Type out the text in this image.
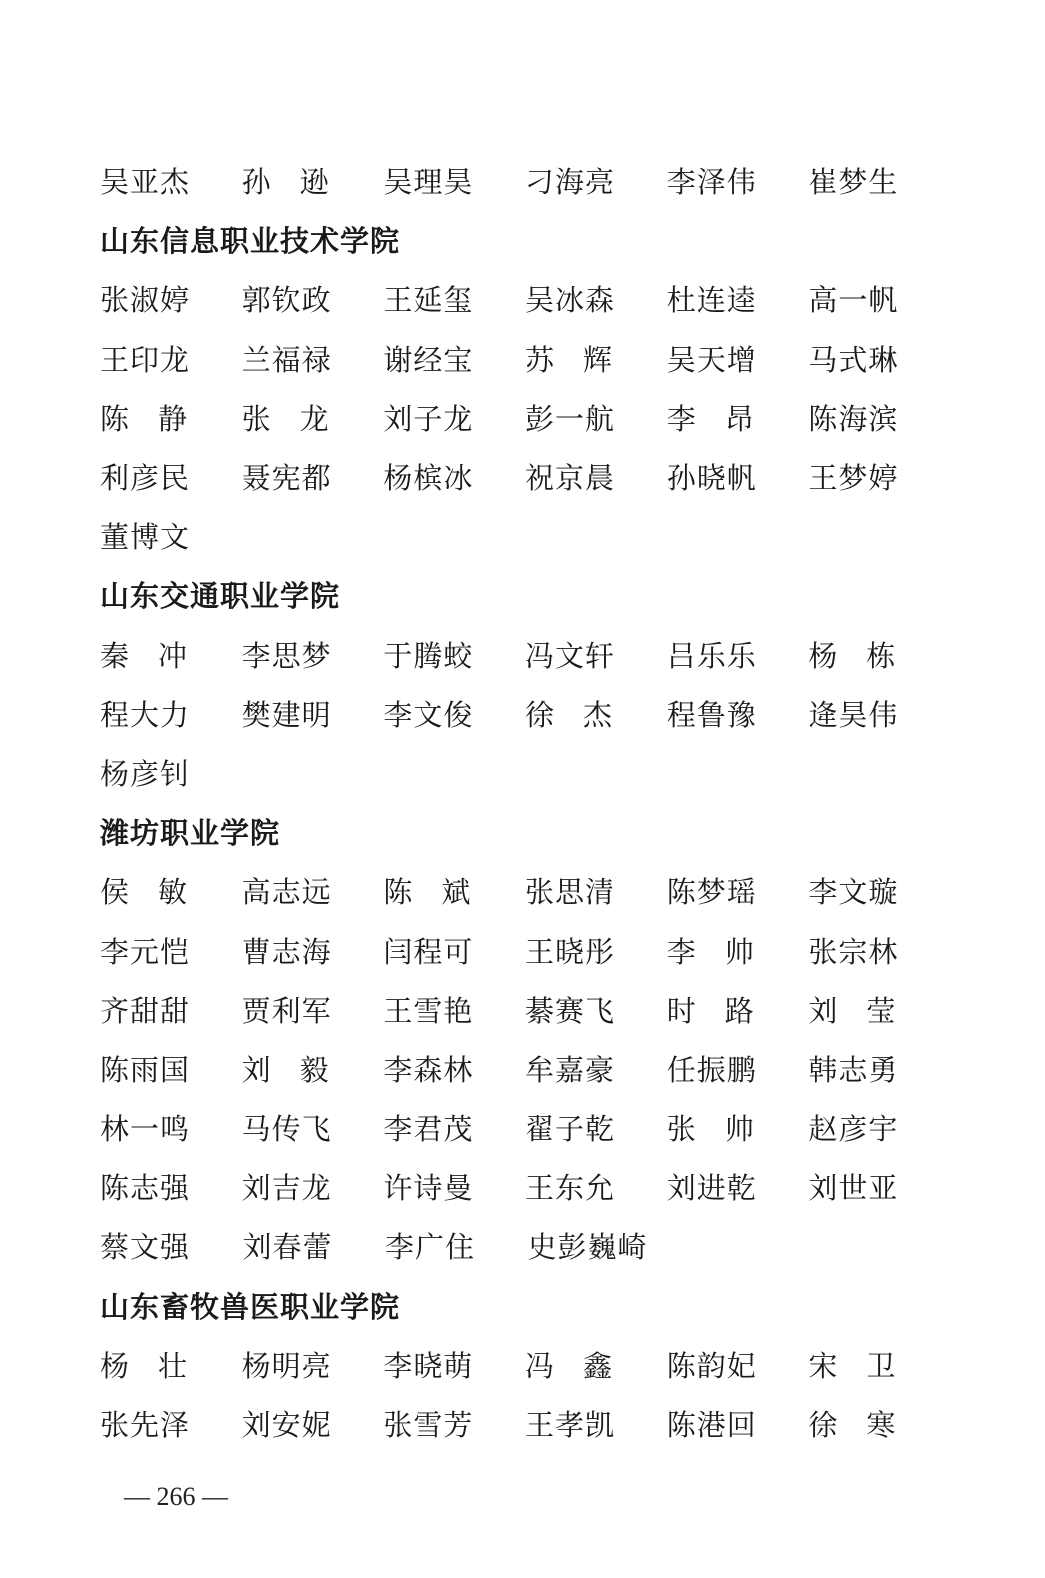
吴亚杰	孙　逊	吴理昊	刁海亮	李泽伟	崔梦生
山东信息职业技术学院
张淑婷	郭钦政	王延玺	吴冰森	杜连逵	高一帆
王印龙	兰福禄	谢经宝	苏　辉	吴天增	马式琳
陈　静	张　龙	刘子龙	彭一航	李　昂	陈海滨
利彦民	聂宪都	杨槟冰	祝京晨	孙晓帆	王梦婷
董博文
山东交通职业学院
秦　冲	李思梦	于腾蛟	冯文轩	吕乐乐	杨　栋
程大力	樊建明	李文俊	徐　杰	程鲁豫	逄昊伟
杨彦钊
潍坊职业学院
侯　敏	高志远	陈　斌	张思清	陈梦瑶	李文璇
李元恺	曹志海	闫程可	王晓彤	李　帅	张宗林
齐甜甜	贾利军	王雪艳	綦赛飞	时　路	刘　莹
陈雨国	刘　毅	李森林	牟嘉豪	任振鹏	韩志勇
林一鸣	马传飞	李君茂	翟子乾	张　帅	赵彦宇
陈志强	刘吉龙	许诗曼	王东允	刘进乾	刘世亚
蔡文强	刘春蕾	李广住	史彭巍崎
山东畜牧兽医职业学院
杨　壮	杨明亮	李晓萌	冯　鑫	陈韵妃	宋　卫
张先泽	刘安妮	张雪芳	王孝凯	陈港回	徐　寒
— 266 —
